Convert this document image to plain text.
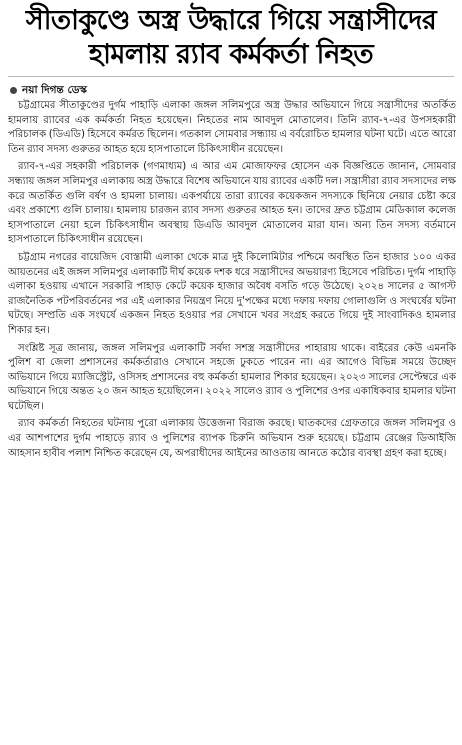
সীতাকুণ্ডে অস্ত্র উদ্ধারে গিয়ে সন্ত্রাসীদের
হামলায় র‍্যাব কর্মকর্তা নিহত
নয়া দিগন্ত ডেস্ক

চট্টগ্রামের সীতাকুণ্ডের দুর্গম পাহাড়ি এলাকা জঙ্গল সলিমপুরে অস্ত্র উদ্ধার অভিযানে গিয়ে সন্ত্রাসীদের অতর্কিত হামলায় র‍্যাবের এক কর্মকর্তা নিহত হয়েছেন। নিহতের নাম আবদুল মোতালেব। তিনি র‍্যাব-৭-এর উপসহকারী পরিচালক (ডিএডি) হিসেবে কর্মরত ছিলেন। গতকাল সোমবার সন্ধ্যায় এ বর্বরোচিত হামলার ঘটনা ঘটে। এতে আরো তিন র‍্যাব সদস্য গুরুতর আহত হয়ে হাসপাতালে চিকিৎসাধীন রয়েছেন।

র‍্যাব-৭-এর সহকারী পরিচালক (গণমাধ্যম) এ আর এম মোজাফফর হোসেন এক বিজ্ঞপ্তিতে জানান, সোমবার সন্ধ্যায় জঙ্গল সলিমপুর এলাকায় অস্ত্র উদ্ধারে বিশেষ অভিযানে যায় র‍্যাবের একটি দল। সন্ত্রাসীরা র‍্যাব সদস্যদের লক্ষ করে অতর্কিত গুলি বর্ষণ ও হামলা চালায়। একপর্যায়ে তারা র‍্যাবের কয়েকজন সদস্যকে ছিনিয়ে নেয়ার চেষ্টা করে এবং প্রকাশ্যে গুলি চালায়। হামলায় চারজন র‍্যাব সদস্য গুরুতর আহত হন। তাদের দ্রুত চট্টগ্রাম মেডিক্যাল কলেজ হাসপাতালে নেয়া হলে চিকিৎসাধীন অবস্থায় ডিএডি আবদুল মোতালেব মারা যান। অন্য তিন সদস্য বর্তমানে হাসপাতালে চিকিৎসাধীন রয়েছেন।

চট্টগ্রাম নগরের বায়েজিদ বোস্তামী এলাকা থেকে মাত্র দুই কিলোমিটার পশ্চিমে অবস্থিত তিন হাজার ১০০ একর আয়তনের এই জঙ্গল সলিমপুর এলাকাটি দীর্ঘ কয়েক দশক ধরে সন্ত্রাসীদের অভয়ারণ্য হিসেবে পরিচিত। দুর্গম পাহাড়ি এলাকা হওয়ায় এখানে সরকারি পাহাড় কেটে কয়েক হাজার অবৈধ বসতি গড়ে উঠেছে। ২০২৪ সালের ৫ আগস্ট রাজনৈতিক পটপরিবর্তনের পর এই এলাকার নিয়ন্ত্রণ নিয়ে দু'পক্ষের মধ্যে দফায় দফায় গোলাগুলি ও সংঘর্ষের ঘটনা ঘটছে। সম্প্রতি এক সংঘর্ষে একজন নিহত হওয়ার পর সেখানে খবর সংগ্রহ করতে গিয়ে দুই সাংবাদিকও হামলার শিকার হন।

সংশ্লিষ্ট সূত্র জানায়, জঙ্গল সলিমপুর এলাকাটি সর্বদা সশস্ত্র সন্ত্রাসীদের পাহারায় থাকে। বাইরের কেউ এমনকি পুলিশ বা জেলা প্রশাসনের কর্মকর্তারাও সেখানে সহজে ঢুকতে পারেন না। এর আগেও বিভিন্ন সময়ে উচ্ছেদ অভিযানে গিয়ে ম্যাজিস্ট্রেট, ওসিসহ প্রশাসনের বহু কর্মকর্তা হামলার শিকার হয়েছেন। ২০২৩ সালের সেপ্টেম্বরে এক অভিযানে গিয়ে অন্তত ২০ জন আহত হয়েছিলেন। ২০২২ সালেও র‍্যাব ও পুলিশের ওপর একাধিকবার হামলার ঘটনা ঘটেছিল।

র‍্যাব কর্মকর্তা নিহতের ঘটনায় পুরো এলাকায় উত্তেজনা বিরাজ করছে। ঘাতকদের গ্রেফতারে জঙ্গল সলিমপুর ও এর আশপাশের দুর্গম পাহাড়ে র‍্যাব ও পুলিশের ব্যাপক চিরুনি অভিযান শুরু হয়েছে। চট্টগ্রাম রেঞ্জের ডিআইজি আহসান হাবীব পলাশ নিশ্চিত করেছেন যে, অপরাধীদের আইনের আওতায় আনতে কঠোর ব্যবস্থা গ্রহণ করা হচ্ছে।
